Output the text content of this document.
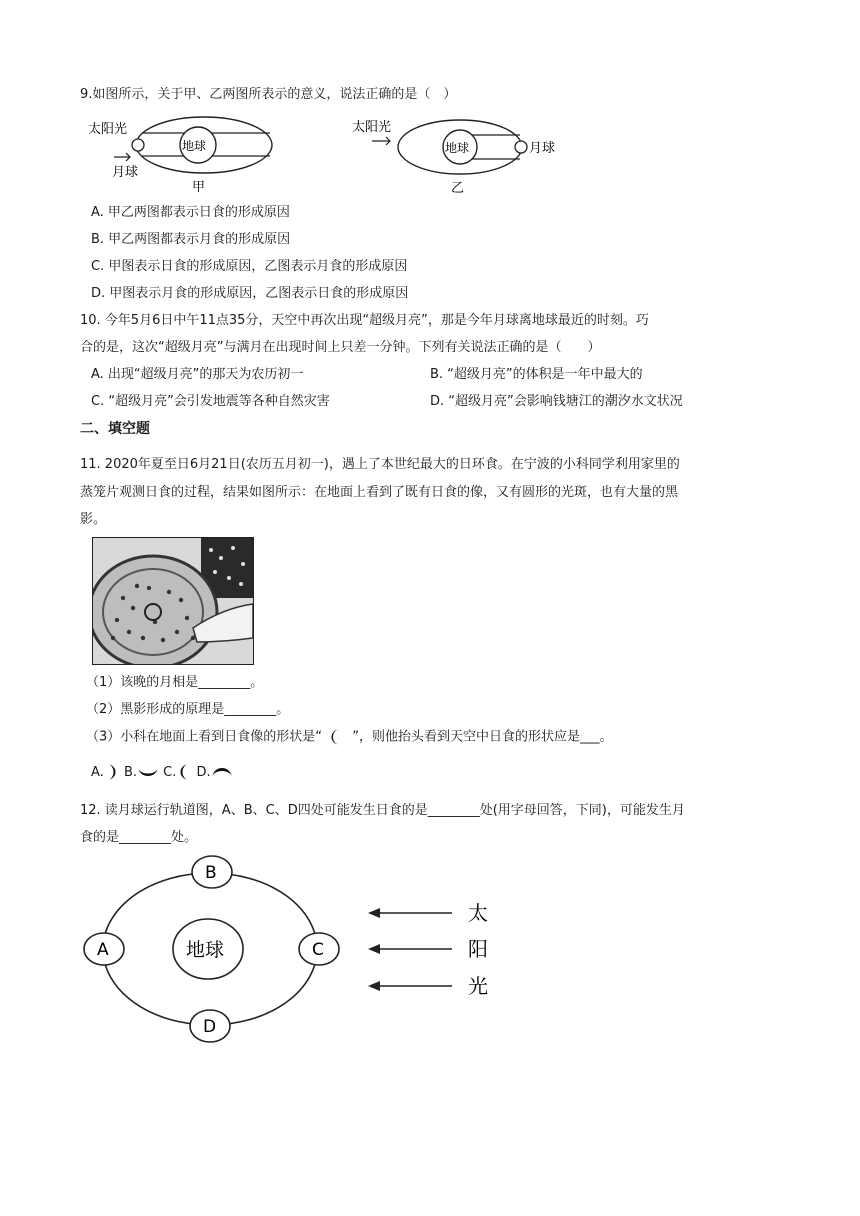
9.如图所示，关于甲、乙两图所表示的意义，说法正确的是（　）
太阳光
地球
月球
甲
太阳光
地球	月球
乙
A. 甲乙两图都表示日食的形成原因
B. 甲乙两图都表示月食的形成原因
C. 甲图表示日食的形成原因，乙图表示月食的形成原因
D. 甲图表示月食的形成原因，乙图表示日食的形成原因
10. 今年5月6日中午11点35分，天空中再次出现“超级月亮”，那是今年月球离地球最近的时刻。巧
合的是，这次“超级月亮”与满月在出现时间上只差一分钟。下列有关说法正确的是（　　）
A. 出现“超级月亮”的那天为农历初一	B. “超级月亮”的体积是一年中最大的
C. “超级月亮”会引发地震等各种自然灾害	D. “超级月亮”会影响钱塘江的潮汐水文状况
二、填空题
11. 2020年夏至日6月21日(农历五月初一)，遇上了本世纪最大的日环食。在宁波的小科同学利用家里的
蒸笼片观测日食的过程，结果如图所示：在地面上看到了既有日食的像，又有圆形的光斑，也有大量的黑
影。
（1）该晚的月相是________。
（2）黑影形成的原理是________。
（3）小科在地面上看到日食像的形状是“ ”，则他抬头看到天空中日食的形状应是___。
A. B. C. D.
12. 读月球运行轨道图，A、B、C、D四处可能发生日食的是________处(用字母回答，下同)，可能发生月
食的是________处。
地球
B
A	C
D
太
阳
光
